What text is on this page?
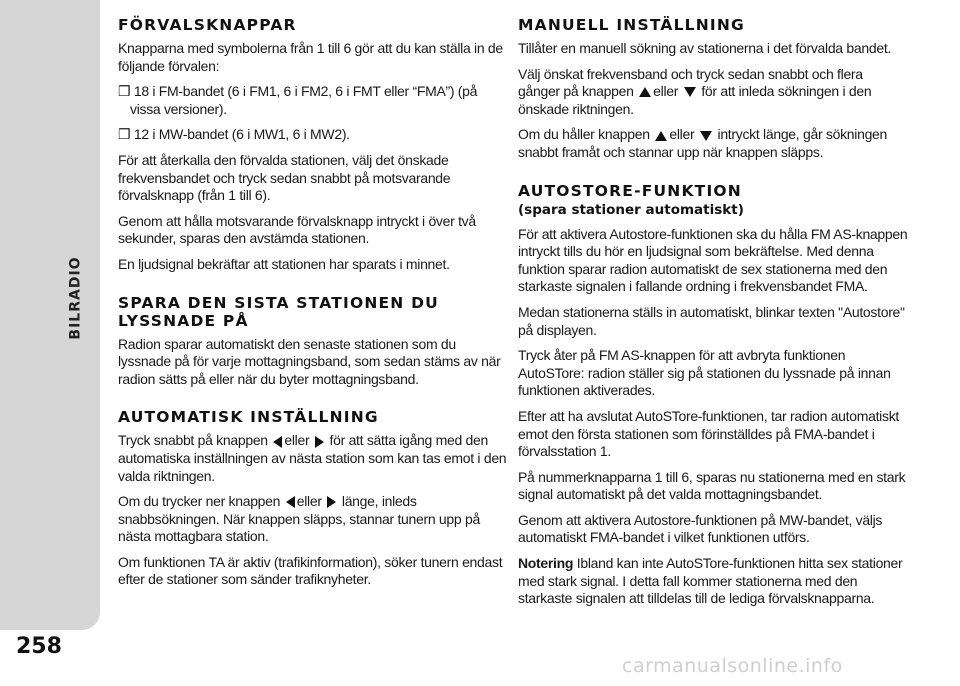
BILRADIO
258
FÖRVALSKNAPPAR

Knapparna med symbolerna från 1 till 6 gör att du kan ställa in de följande förvalen:

❒ 18 i FM-bandet (6 i FM1, 6 i FM2, 6 i FMT eller “FMA”) (på vissa versioner).

❒ 12 i MW-bandet (6 i MW1, 6 i MW2).

För att återkalla den förvalda stationen, välj det önskade frekvensbandet och tryck sedan snabbt på motsvarande förvalsknapp (från 1 till 6).

Genom att hålla motsvarande förvalsknapp intryckt i över två sekunder, sparas den avstämda stationen.

En ljudsignal bekräftar att stationen har sparats i minnet.

SPARA DEN SISTA STATIONEN DU LYSSNADE PÅ

Radion sparar automatiskt den senaste stationen som du lyssnade på för varje mottagningsband, som sedan stäms av när radion sätts på eller när du byter mottagningsband.

AUTOMATISK INSTÄLLNING

Tryck snabbt på knappen eller för att sätta igång med den automatiska inställningen av nästa station som kan tas emot i den valda riktningen.

Om du trycker ner knappen eller länge, inleds snabbsökningen. När knappen släpps, stannar tunern upp på nästa mottagbara station.

Om funktionen TA är aktiv (trafikinformation), söker tunern endast efter de stationer som sänder trafiknyheter.

MANUELL INSTÄLLNING

Tillåter en manuell sökning av stationerna i det förvalda bandet.

Välj önskat frekvensband och tryck sedan snabbt och flera gånger på knappen eller för att inleda sökningen i den önskade riktningen.

Om du håller knappen eller intryckt länge, går sökningen snabbt framåt och stannar upp när knappen släpps.

AUTOSTORE-FUNKTION
(spara stationer automatiskt)

För att aktivera Autostore-funktionen ska du hålla FM AS-knappen intryckt tills du hör en ljudsignal som bekräftelse. Med denna funktion sparar radion automatiskt de sex stationerna med den starkaste signalen i fallande ordning i frekvensbandet FMA.

Medan stationerna ställs in automatiskt, blinkar texten "Autostore" på displayen.

Tryck åter på FM AS-knappen för att avbryta funktionen AutoSTore: radion ställer sig på stationen du lyssnade på innan funktionen aktiverades.

Efter att ha avslutat AutoSTore-funktionen, tar radion automatiskt emot den första stationen som förinställdes på FMA-bandet i förvalsstation 1.

På nummerknapparna 1 till 6, sparas nu stationerna med en stark signal automatiskt på det valda mottagningsbandet.

Genom att aktivera Autostore-funktionen på MW-bandet, väljs automatiskt FMA-bandet i vilket funktionen utförs.

Notering Ibland kan inte AutoSTore-funktionen hitta sex stationer med stark signal. I detta fall kommer stationerna med den starkaste signalen att tilldelas till de lediga förvalsknapparna.

carmanualsonline.info
